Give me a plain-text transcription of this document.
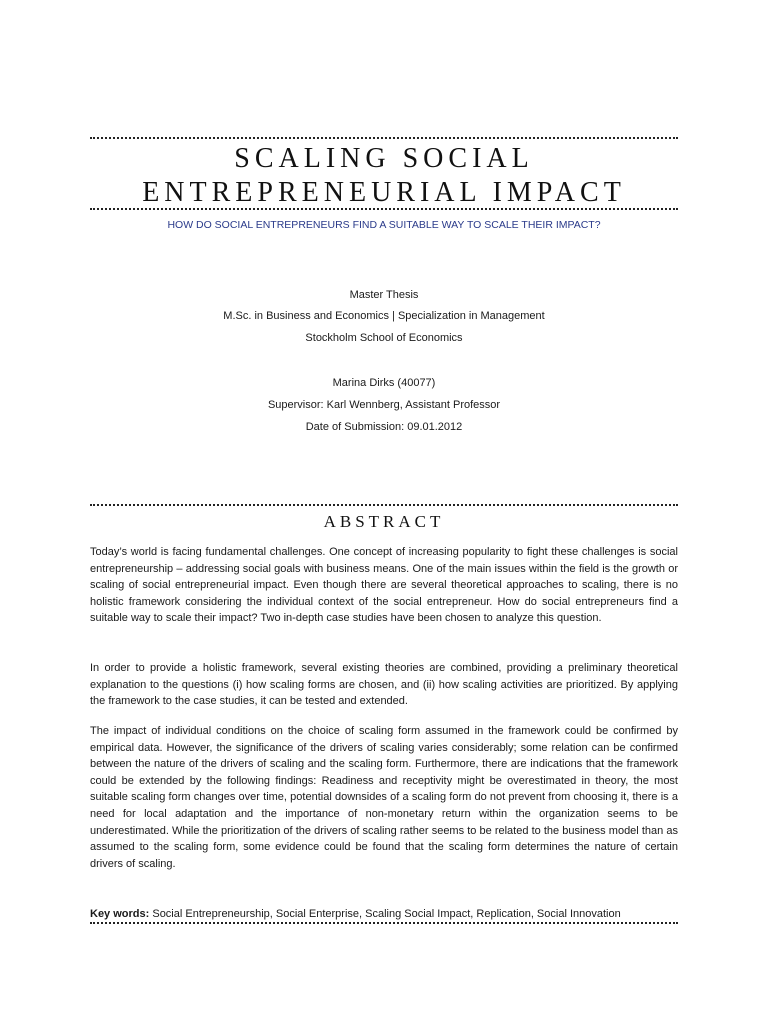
SCALING SOCIAL
ENTREPRENEURIAL IMPACT
HOW DO SOCIAL ENTREPRENEURS FIND A SUITABLE WAY TO SCALE THEIR IMPACT?
Master Thesis
M.Sc. in Business and Economics | Specialization in Management
Stockholm School of Economics
Marina Dirks (40077)
Supervisor: Karl Wennberg, Assistant Professor
Date of Submission: 09.01.2012
ABSTRACT

Today’s world is facing fundamental challenges. One concept of increasing popularity to fight these challenges is social entrepreneurship – addressing social goals with business means. One of the main issues within the field is the growth or scaling of social entrepreneurial impact. Even though there are several theoretical approaches to scaling, there is no holistic framework considering the individual context of the social entrepreneur. How do social entrepreneurs find a suitable way to scale their impact? Two in-depth case studies have been chosen to analyze this question.

In order to provide a holistic framework, several existing theories are combined, providing a preliminary theoretical explanation to the questions (i) how scaling forms are chosen, and (ii) how scaling activities are prioritized. By applying the framework to the case studies, it can be tested and extended.

The impact of individual conditions on the choice of scaling form assumed in the framework could be confirmed by empirical data. However, the significance of the drivers of scaling varies considerably; some relation can be confirmed between the nature of the drivers of scaling and the scaling form. Furthermore, there are indications that the framework could be extended by the following findings: Readiness and receptivity might be overestimated in theory, the most suitable scaling form changes over time, potential downsides of a scaling form do not prevent from choosing it, there is a need for local adaptation and the importance of non-monetary return within the organization seems to be underestimated. While the prioritization of the drivers of scaling rather seems to be related to the business model than as assumed to the scaling form, some evidence could be found that the scaling form determines the nature of certain drivers of scaling.

Key words: Social Entrepreneurship, Social Enterprise, Scaling Social Impact, Replication, Social Innovation
